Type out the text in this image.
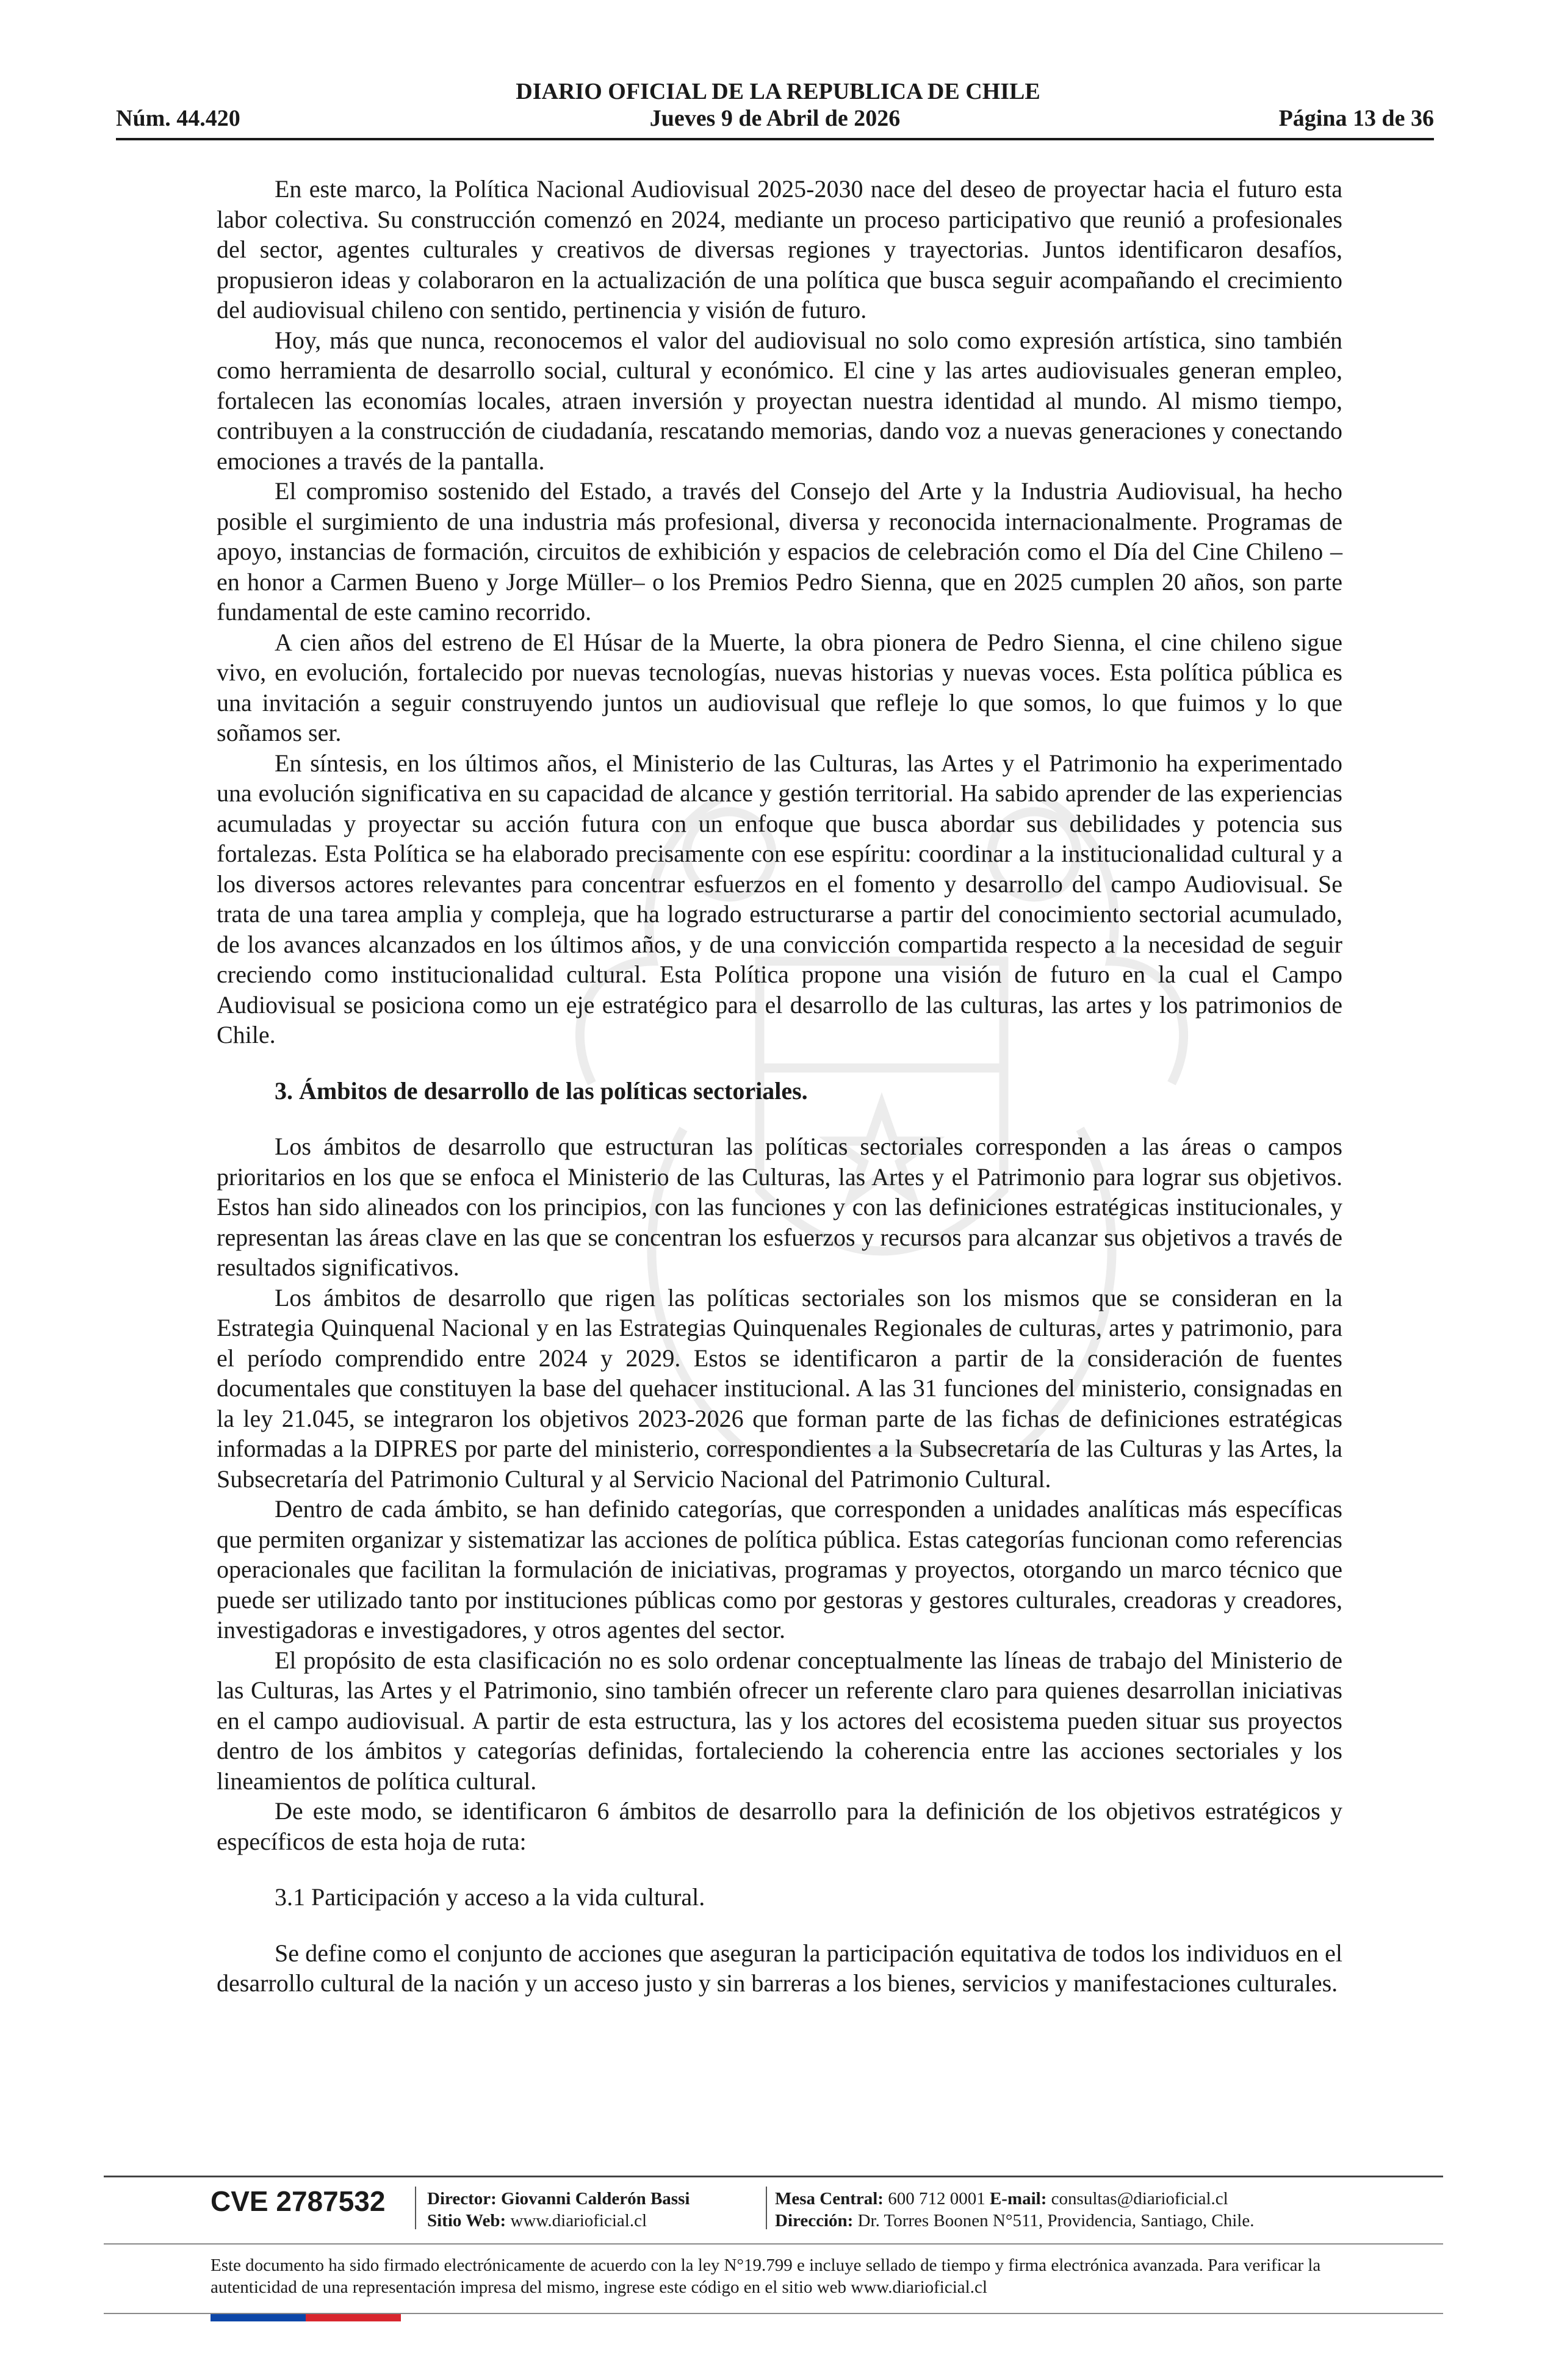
DIARIO OFICIAL DE LA REPUBLICA DE CHILE
Jueves 9 de Abril de 2026
Núm. 44.420	Página 13 de 36

En este marco, la Política Nacional Audiovisual 2025-2030 nace del deseo de proyectar hacia el futuro esta labor colectiva. Su construcción comenzó en 2024, mediante un proceso participativo que reunió a profesionales del sector, agentes culturales y creativos de diversas regiones y trayectorias. Juntos identificaron desafíos, propusieron ideas y colaboraron en la actualización de una política que busca seguir acompañando el crecimiento del audiovisual chileno con sentido, pertinencia y visión de futuro.

Hoy, más que nunca, reconocemos el valor del audiovisual no solo como expresión artística, sino también como herramienta de desarrollo social, cultural y económico. El cine y las artes audiovisuales generan empleo, fortalecen las economías locales, atraen inversión y proyectan nuestra identidad al mundo. Al mismo tiempo, contribuyen a la construcción de ciudadanía, rescatando memorias, dando voz a nuevas generaciones y conectando emociones a través de la pantalla.

El compromiso sostenido del Estado, a través del Consejo del Arte y la Industria Audiovisual, ha hecho posible el surgimiento de una industria más profesional, diversa y reconocida internacionalmente. Programas de apoyo, instancias de formación, circuitos de exhibición y espacios de celebración como el Día del Cine Chileno –en honor a Carmen Bueno y Jorge Müller– o los Premios Pedro Sienna, que en 2025 cumplen 20 años, son parte fundamental de este camino recorrido.

A cien años del estreno de El Húsar de la Muerte, la obra pionera de Pedro Sienna, el cine chileno sigue vivo, en evolución, fortalecido por nuevas tecnologías, nuevas historias y nuevas voces. Esta política pública es una invitación a seguir construyendo juntos un audiovisual que refleje lo que somos, lo que fuimos y lo que soñamos ser.

En síntesis, en los últimos años, el Ministerio de las Culturas, las Artes y el Patrimonio ha experimentado una evolución significativa en su capacidad de alcance y gestión territorial. Ha sabido aprender de las experiencias acumuladas y proyectar su acción futura con un enfoque que busca abordar sus debilidades y potencia sus fortalezas. Esta Política se ha elaborado precisamente con ese espíritu: coordinar a la institucionalidad cultural y a los diversos actores relevantes para concentrar esfuerzos en el fomento y desarrollo del campo Audiovisual. Se trata de una tarea amplia y compleja, que ha logrado estructurarse a partir del conocimiento sectorial acumulado, de los avances alcanzados en los últimos años, y de una convicción compartida respecto a la necesidad de seguir creciendo como institucionalidad cultural. Esta Política propone una visión de futuro en la cual el Campo Audiovisual se posiciona como un eje estratégico para el desarrollo de las culturas, las artes y los patrimonios de Chile.

3. Ámbitos de desarrollo de las políticas sectoriales.

Los ámbitos de desarrollo que estructuran las políticas sectoriales corresponden a las áreas o campos prioritarios en los que se enfoca el Ministerio de las Culturas, las Artes y el Patrimonio para lograr sus objetivos. Estos han sido alineados con los principios, con las funciones y con las definiciones estratégicas institucionales, y representan las áreas clave en las que se concentran los esfuerzos y recursos para alcanzar sus objetivos a través de resultados significativos.

Los ámbitos de desarrollo que rigen las políticas sectoriales son los mismos que se consideran en la Estrategia Quinquenal Nacional y en las Estrategias Quinquenales Regionales de culturas, artes y patrimonio, para el período comprendido entre 2024 y 2029. Estos se identificaron a partir de la consideración de fuentes documentales que constituyen la base del quehacer institucional. A las 31 funciones del ministerio, consignadas en la ley 21.045, se integraron los objetivos 2023-2026 que forman parte de las fichas de definiciones estratégicas informadas a la DIPRES por parte del ministerio, correspondientes a la Subsecretaría de las Culturas y las Artes, la Subsecretaría del Patrimonio Cultural y al Servicio Nacional del Patrimonio Cultural.

Dentro de cada ámbito, se han definido categorías, que corresponden a unidades analíticas más específicas que permiten organizar y sistematizar las acciones de política pública. Estas categorías funcionan como referencias operacionales que facilitan la formulación de iniciativas, programas y proyectos, otorgando un marco técnico que puede ser utilizado tanto por instituciones públicas como por gestoras y gestores culturales, creadoras y creadores, investigadoras e investigadores, y otros agentes del sector.

El propósito de esta clasificación no es solo ordenar conceptualmente las líneas de trabajo del Ministerio de las Culturas, las Artes y el Patrimonio, sino también ofrecer un referente claro para quienes desarrollan iniciativas en el campo audiovisual. A partir de esta estructura, las y los actores del ecosistema pueden situar sus proyectos dentro de los ámbitos y categorías definidas, fortaleciendo la coherencia entre las acciones sectoriales y los lineamientos de política cultural.

De este modo, se identificaron 6 ámbitos de desarrollo para la definición de los objetivos estratégicos y específicos de esta hoja de ruta:

3.1 Participación y acceso a la vida cultural.

Se define como el conjunto de acciones que aseguran la participación equitativa de todos los individuos en el desarrollo cultural de la nación y un acceso justo y sin barreras a los bienes, servicios y manifestaciones culturales.

CVE 2787532 Director: Giovanni Calderón Bassi
Sitio Web: www.diarioficial.cl
Mesa Central: 600 712 0001 E-mail: consultas@diarioficial.cl
Dirección: Dr. Torres Boonen N°511, Providencia, Santiago, Chile.
Este documento ha sido firmado electrónicamente de acuerdo con la ley N°19.799 e incluye sellado de tiempo y firma electrónica avanzada. Para verificar la autenticidad de una representación impresa del mismo, ingrese este código en el sitio web www.diarioficial.cl
